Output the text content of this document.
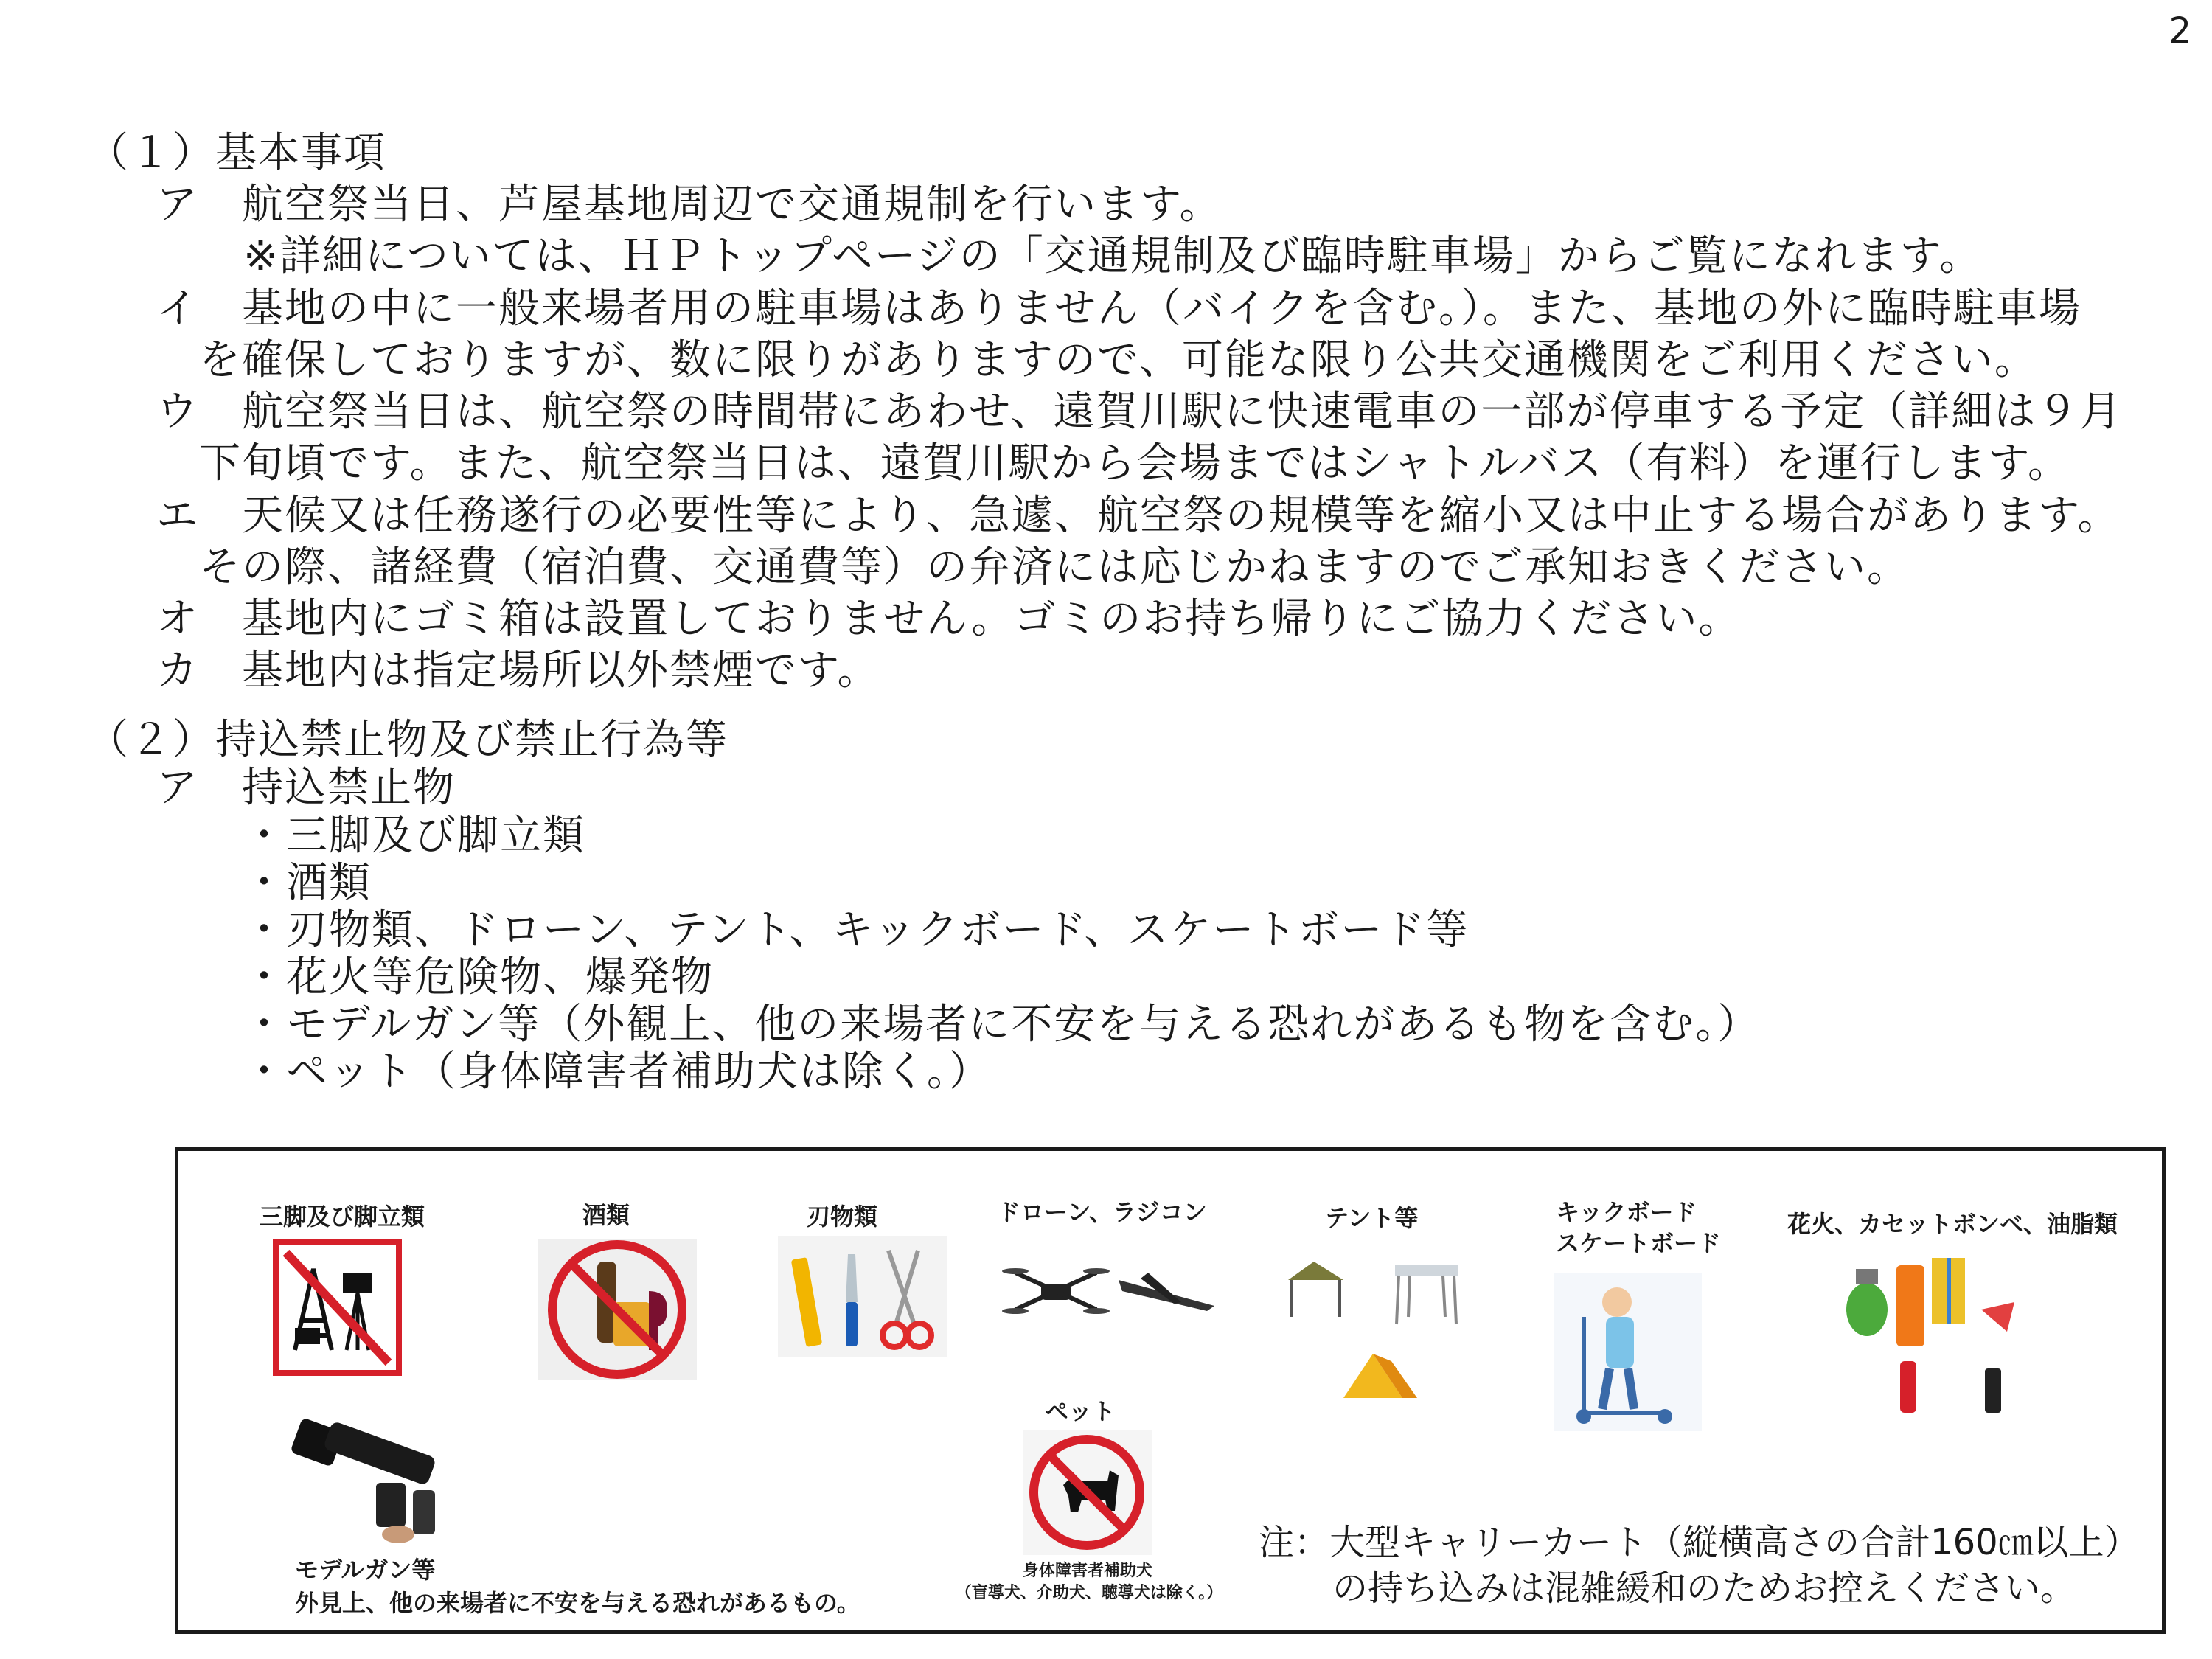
2
（１）基本事項
ア　航空祭当日、芦屋基地周辺で交通規制を行います。
※詳細については、ＨＰトップページの「交通規制及び臨時駐車場」からご覧になれます。
イ　基地の中に一般来場者用の駐車場はありません（バイクを含む。）。また、基地の外に臨時駐車場
を確保しておりますが、数に限りがありますので、可能な限り公共交通機関をご利用ください。
ウ　航空祭当日は、航空祭の時間帯にあわせ、遠賀川駅に快速電車の一部が停車する予定（詳細は９月
下旬頃です。また、航空祭当日は、遠賀川駅から会場まではシャトルバス（有料）を運行します。
エ　天候又は任務遂行の必要性等により、急遽、航空祭の規模等を縮小又は中止する場合があります。
その際、諸経費（宿泊費、交通費等）の弁済には応じかねますのでご承知おきください。
オ　基地内にゴミ箱は設置しておりません。ゴミのお持ち帰りにご協力ください。
カ　基地内は指定場所以外禁煙です。
（２）持込禁止物及び禁止行為等
ア　持込禁止物
・三脚及び脚立類
・酒類
・刃物類、ドローン、テント、キックボード、スケートボード等
・花火等危険物、爆発物
・モデルガン等（外観上、他の来場者に不安を与える恐れがあるも物を含む。）
・ペット（身体障害者補助犬は除く。）
三脚及び脚立類	酒類	刃物類	ドローン、ラジコン	テント等	キックボード
スケートボード
花火、カセットボンベ、油脂類
モデルガン等
外見上、他の来場者に不安を与える恐れがあるもの。
ペット
身体障害者補助犬
（盲導犬、介助犬、聴導犬は除く。）
注：大型キャリーカート（縦横高さの合計160㎝以上）
の持ち込みは混雑緩和のためお控えください。
